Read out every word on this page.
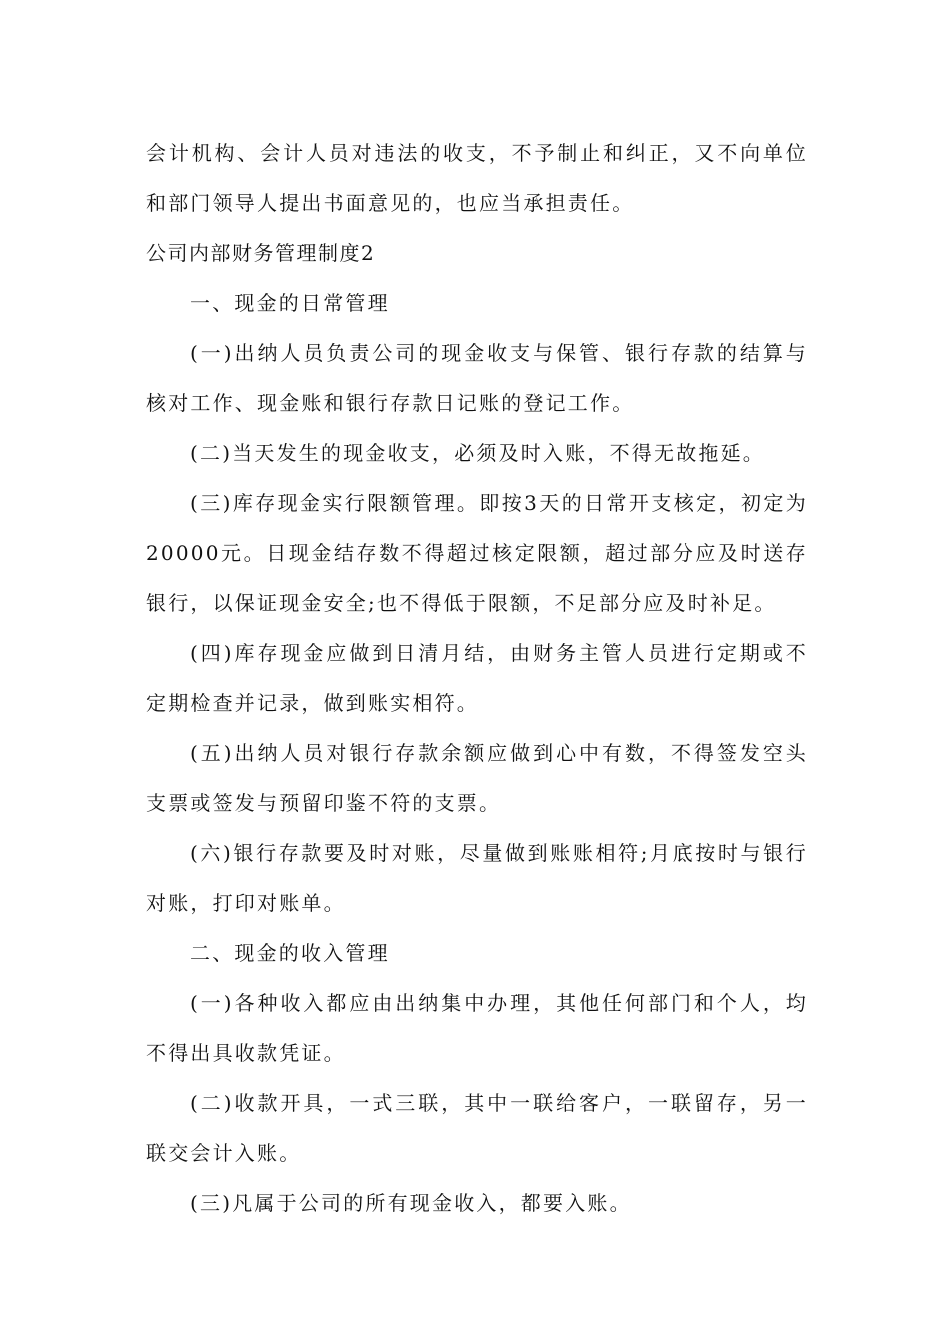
会计机构、会计人员对违法的收支，不予制止和纠正，又不向单位和部门领导人提出书面意见的，也应当承担责任。

公司内部财务管理制度2

一、现金的日常管理

(一)出纳人员负责公司的现金收支与保管、银行存款的结算与核对工作、现金账和银行存款日记账的登记工作。

(二)当天发生的现金收支，必须及时入账，不得无故拖延。

(三)库存现金实行限额管理。即按3天的日常开支核定，初定为20000元。日现金结存数不得超过核定限额，超过部分应及时送存银行，以保证现金安全;也不得低于限额，不足部分应及时补足。

(四)库存现金应做到日清月结，由财务主管人员进行定期或不定期检查并记录，做到账实相符。

(五)出纳人员对银行存款余额应做到心中有数，不得签发空头支票或签发与预留印鉴不符的支票。

(六)银行存款要及时对账，尽量做到账账相符;月底按时与银行对账，打印对账单。

二、现金的收入管理

(一)各种收入都应由出纳集中办理，其他任何部门和个人，均不得出具收款凭证。

(二)收款开具，一式三联，其中一联给客户，一联留存，另一联交会计入账。

(三)凡属于公司的所有现金收入，都要入账。
